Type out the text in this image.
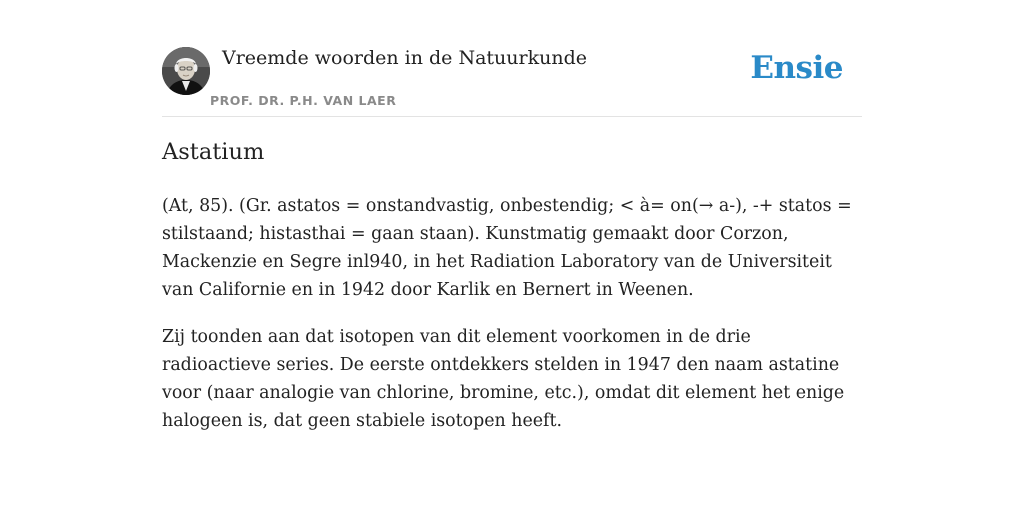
Vreemde woorden in de Natuurkunde
PROF. DR. P.H. VAN LAER
Ensie
Astatium

(At, 85). (Gr. astatos = onstandvastig, onbestendig; < à= on(→ a-), -+ statos = stilstaand; histasthai = gaan staan). Kunstmatig gemaakt door Corzon, Mackenzie en Segre inl940, in het Radiation Laboratory van de Universiteit van Californie en in 1942 door Karlik en Bernert in Weenen.

Zij toonden aan dat isotopen van dit element voorkomen in de drie radioactieve series. De eerste ontdekkers stelden in 1947 den naam astatine voor (naar analogie van chlorine, bromine, etc.), omdat dit element het enige halogeen is, dat geen stabiele isotopen heeft.
